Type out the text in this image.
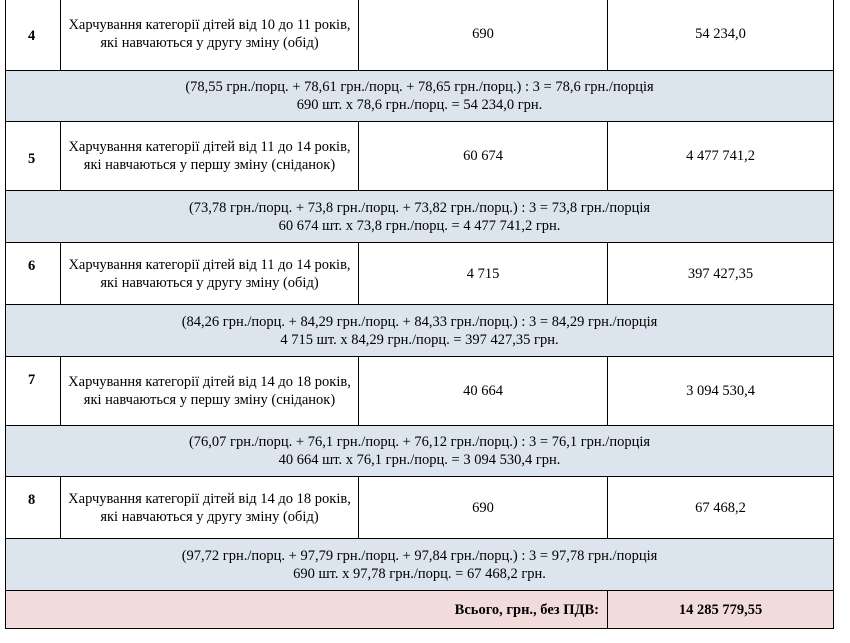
4	Харчування категорії дітей від 10 до 11 років, які навчаються у другу зміну (обід)	690	54 234,0

(78,55 грн./порц. + 78,61 грн./порц. + 78,65 грн./порц.) : 3 = 78,6 грн./порція
690 шт. х 78,6 грн./порц. = 54 234,0 грн.			

5	Харчування категорії дітей від 11 до 14 років, які навчаються у першу зміну (сніданок)	60 674	4 477 741,2

(73,78 грн./порц. + 73,8 грн./порц. + 73,82 грн./порц.) : 3 = 73,8 грн./порція
60 674 шт. х 73,8 грн./порц. = 4 477 741,2 грн.			

6	Харчування категорії дітей від 11 до 14 років, які навчаються у другу зміну (обід)	4 715	397 427,35

(84,26 грн./порц. + 84,29 грн./порц. + 84,33 грн./порц.) : 3 = 84,29 грн./порція
4 715 шт. х 84,29 грн./порц. = 397 427,35 грн.			

7	Харчування категорії дітей від 14 до 18 років, які навчаються у першу зміну (сніданок)	40 664	3 094 530,4

(76,07 грн./порц. + 76,1 грн./порц. + 76,12 грн./порц.) : 3 = 76,1 грн./порція
40 664 шт. х 76,1 грн./порц. = 3 094 530,4 грн.			

8	Харчування категорії дітей від 14 до 18 років, які навчаються у другу зміну (обід)	690	67 468,2

(97,72 грн./порц. + 97,79 грн./порц. + 97,84 грн./порц.) : 3 = 97,78 грн./порція
690 шт. х 97,78 грн./порц. = 67 468,2 грн.			

Всього, грн., без ПДВ:			14 285 779,55
